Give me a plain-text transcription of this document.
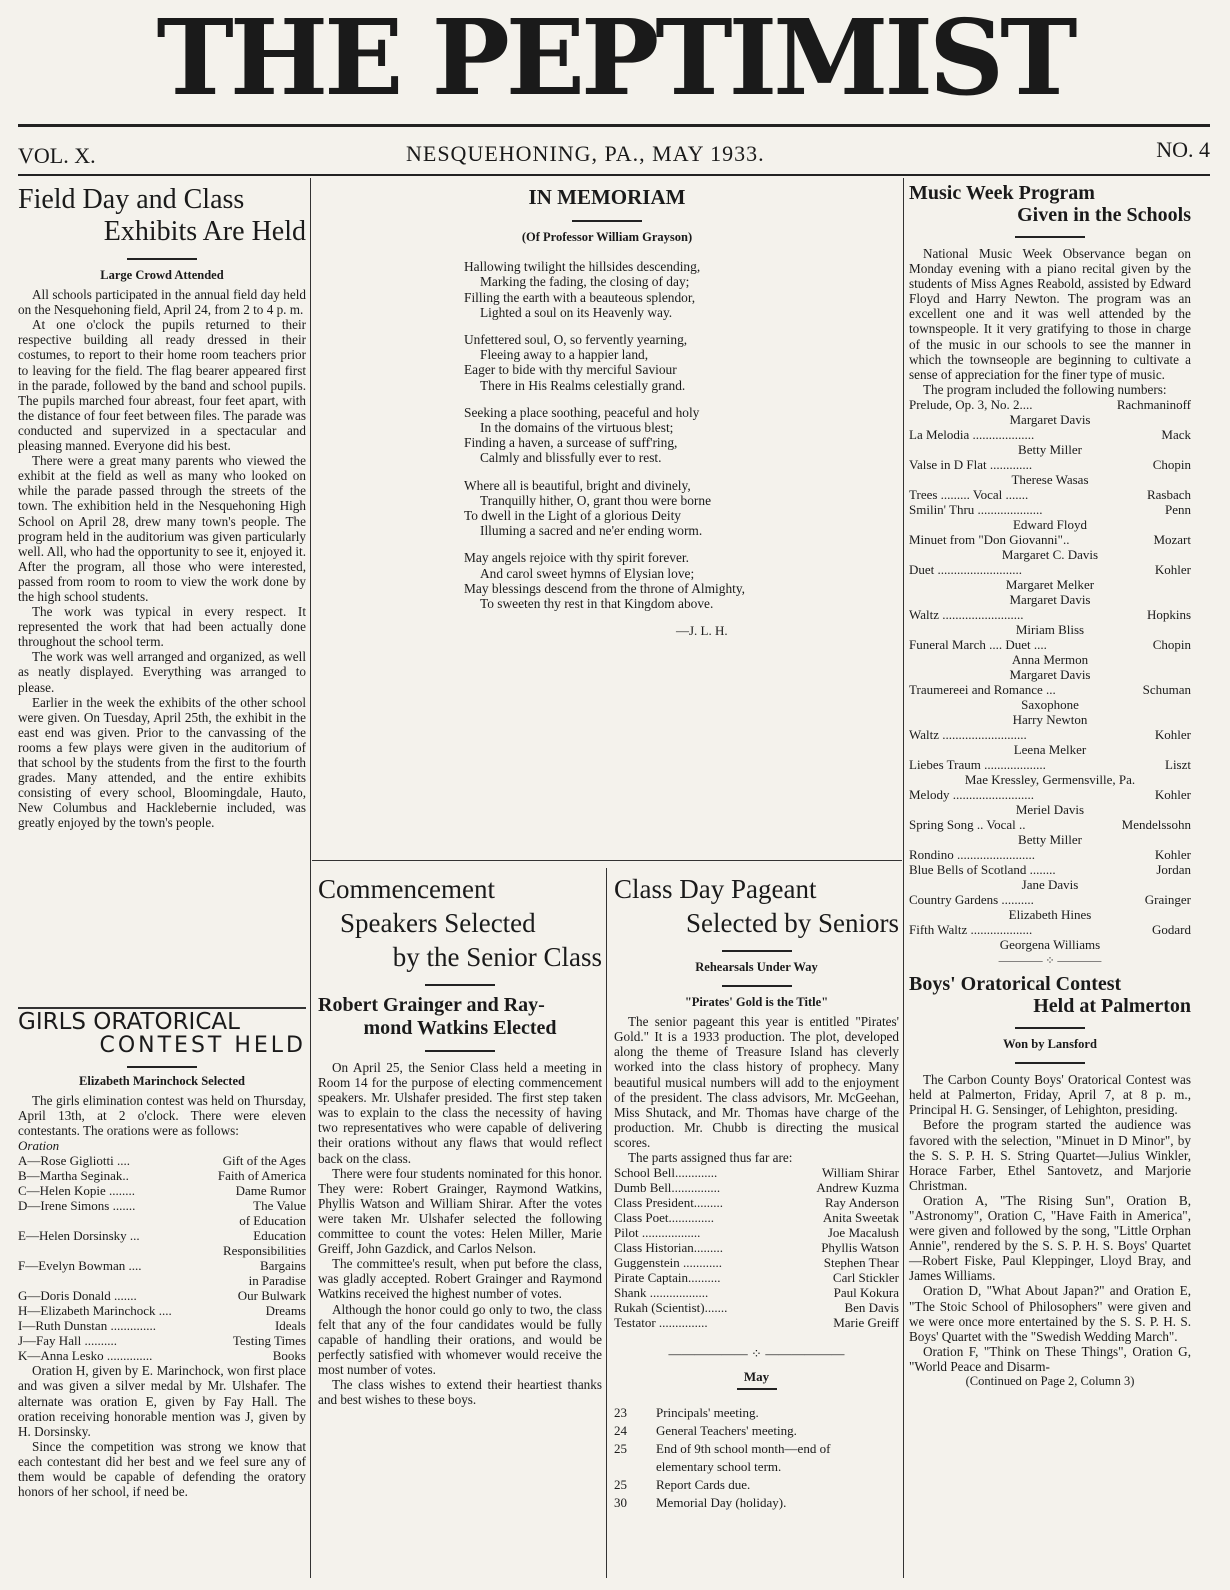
THE PEPTIMIST
VOL. X.	NESQUEHONING, PA., MAY 1933.	NO. 4
Field Day and Class
Exhibits Are Held
Large Crowd Attended

All schools participated in the annual field day held on the Nesquehoning field, April 24, from 2 to 4 p. m.

At one o'clock the pupils returned to their respective building all ready dressed in their costumes, to report to their home room teachers prior to leaving for the field. The flag bearer appeared first in the parade, followed by the band and school pupils. The pupils marched four abreast, four feet apart, with the distance of four feet between files. The parade was conducted and supervized in a spectacular and pleasing manned. Everyone did his best.

There were a great many parents who viewed the exhibit at the field as well as many who looked on while the parade passed through the streets of the town. The exhibition held in the Nesquehoning High School on April 28, drew many town's people. The program held in the auditorium was given particularly well. All, who had the opportunity to see it, enjoyed it. After the program, all those who were interested, passed from room to room to view the work done by the high school students.

The work was typical in every respect. It represented the work that had been actually done throughout the school term.

The work was well arranged and organized, as well as neatly displayed. Everything was arranged to please.

Earlier in the week the exhibits of the other school were given. On Tuesday, April 25th, the exhibit in the east end was given. Prior to the canvassing of the rooms a few plays were given in the auditorium of that school by the students from the first to the fourth grades. Many attended, and the entire exhibits consisting of every school, Bloomingdale, Hauto, New Columbus and Hacklebernie included, was greatly enjoyed by the town's people.

GIRLS ORATORICAL
CONTEST HELD
Elizabeth Marinchock Selected

The girls elimination contest was held on Thursday, April 13th, at 2 o'clock. There were eleven contestants. The orations were as follows:

Oration
A—Rose Gigliotti ....	Gift of the Ages
B—Martha Seginak..	Faith of America
C—Helen Kopie ........	Dame Rumor
D—Irene Simons .......	The Value
of Education
E—Helen Dorsinsky ...	Education
Responsibilities
F—Evelyn Bowman ....	Bargains
in Paradise
G—Doris Donald .......	Our Bulwark
H—Elizabeth Marinchock ....	Dreams
I—Ruth Dunstan ..............	Ideals
J—Fay Hall ..........	Testing Times
K—Anna Lesko ..............	Books

Oration H, given by E. Marinchock, won first place and was given a silver medal by Mr. Ulshafer. The alternate was oration E, given by Fay Hall. The oration receiving honorable mention was J, given by H. Dorsinsky.

Since the competition was strong we know that each contestant did her best and we feel sure any of them would be capable of defending the oratory honors of her school, if need be.

IN MEMORIAM
(Of Professor William Grayson)
Hallowing twilight the hillsides descending,
Marking the fading, the closing of day;
Filling the earth with a beauteous splendor,
Lighted a soul on its Heavenly way.
Unfettered soul, O, so fervently yearning,
Fleeing away to a happier land,
Eager to bide with thy merciful Saviour
There in His Realms celestially grand.
Seeking a place soothing, peaceful and holy
In the domains of the virtuous blest;
Finding a haven, a surcease of suff'ring,
Calmly and blissfully ever to rest.
Where all is beautiful, bright and divinely,
Tranquilly hither, O, grant thou were borne
To dwell in the Light of a glorious Deity
Illuming a sacred and ne'er ending worm.
May angels rejoice with thy spirit forever.
And carol sweet hymns of Elysian love;
May blessings descend from the throne of Almighty,
To sweeten thy rest in that Kingdom above.
—J. L. H.
Commencement
Speakers Selected
by the Senior Class
Robert Grainger and Ray-
mond Watkins Elected

On April 25, the Senior Class held a meeting in Room 14 for the purpose of electing commencement speakers. Mr. Ulshafer presided. The first step taken was to explain to the class the necessity of having two representatives who were capable of delivering their orations without any flaws that would reflect back on the class.

There were four students nominated for this honor. They were: Robert Grainger, Raymond Watkins, Phyllis Watson and William Shirar. After the votes were taken Mr. Ulshafer selected the following committee to count the votes: Helen Miller, Marie Greiff, John Gazdick, and Carlos Nelson.

The committee's result, when put before the class, was gladly accepted. Robert Grainger and Raymond Watkins received the highest number of votes.

Although the honor could go only to two, the class felt that any of the four candidates would be fully capable of handling their orations, and would be perfectly satisfied with whomever would receive the most number of votes.

The class wishes to extend their heartiest thanks and best wishes to these boys.

Class Day Pageant
Selected by Seniors
Rehearsals Under Way
"Pirates' Gold is the Title"

The senior pageant this year is entitled "Pirates' Gold." It is a 1933 production. The plot, developed along the theme of Treasure Island has cleverly worked into the class history of prophecy. Many beautiful musical numbers will add to the enjoyment of the president. The class advisors, Mr. McGeehan, Miss Shutack, and Mr. Thomas have charge of the production. Mr. Chubb is directing the musical scores.

The parts assigned thus far are:

School Bell.............	William Shirar
Dumb Bell...............	Andrew Kuzma
Class President.........	Ray Anderson
Class Poet..............	Anita Sweetak
Pilot ..................	Joe Macalush
Class Historian.........	Phyllis Watson
Guggenstein ............	Stephen Thear
Pirate Captain..........	Carl Stickler
Shank ..................	Paul Kokura
Rukah (Scientist).......	Ben Davis
Testator ...............	Marie Greiff
—————— ⁘ ——————
May
23	Principals' meeting.
24	General Teachers' meeting.
25	End of 9th school month—end of
elementary school term.
25	Report Cards due.
30	Memorial Day (holiday).
Music Week Program
Given in the Schools

National Music Week Observance began on Monday evening with a piano recital given by the students of Miss Agnes Reabold, assisted by Edward Floyd and Harry Newton. The program was an excellent one and it was well attended by the townspeople. It it very gratifying to those in charge of the music in our schools to see the manner in which the townseople are beginning to cultivate a sense of appreciation for the finer type of music.

The program included the following numbers:

Prelude, Op. 3, No. 2....	Rachmaninoff
Margaret Davis
La Melodia ...................	Mack
Betty Miller
Valse in D Flat .............	Chopin
Therese Wasas
Trees ......... Vocal .......	Rasbach
Smilin' Thru ....................	Penn
Edward Floyd
Minuet from "Don Giovanni"..	Mozart
Margaret C. Davis
Duet ..........................	Kohler
Margaret Melker
Margaret Davis
Waltz .........................	Hopkins
Miriam Bliss
Funeral March .... Duet ....	Chopin
Anna Mermon
Margaret Davis
Traumereei and Romance ...	Schuman
Saxophone
Harry Newton
Waltz ..........................	Kohler
Leena Melker
Liebes Traum ...................	Liszt
Mae Kressley, Germensville, Pa.
Melody .........................	Kohler
Meriel Davis
Spring Song .. Vocal ..	Mendelssohn
Betty Miller
Rondino ........................	Kohler
Blue Bells of Scotland ........	Jordan
Jane Davis
Country Gardens ..........	Grainger
Elizabeth Hines
Fifth Waltz ...................	Godard
Georgena Williams
———— ⁘ ————
Boys' Oratorical Contest
Held at Palmerton
Won by Lansford

The Carbon County Boys' Oratorical Contest was held at Palmerton, Friday, April 7, at 8 p. m., Principal H. G. Sensinger, of Lehighton, presiding.

Before the program started the audience was favored with the selection, "Minuet in D Minor", by the S. S. P. H. S. String Quartet—Julius Winkler, Horace Farber, Ethel Santovetz, and Marjorie Christman.

Oration A, "The Rising Sun", Oration B, "Astronomy", Oration C, "Have Faith in America", were given and followed by the song, "Little Orphan Annie", rendered by the S. S. P. H. S. Boys' Quartet—Robert Fiske, Paul Kleppinger, Lloyd Bray, and James Williams.

Oration D, "What About Japan?" and Oration E, "The Stoic School of Philosophers" were given and we were once more entertained by the S. S. P. H. S. Boys' Quartet with the "Swedish Wedding March".

Oration F, "Think on These Things", Oration G, "World Peace and Disarm-

(Continued on Page 2, Column 3)
